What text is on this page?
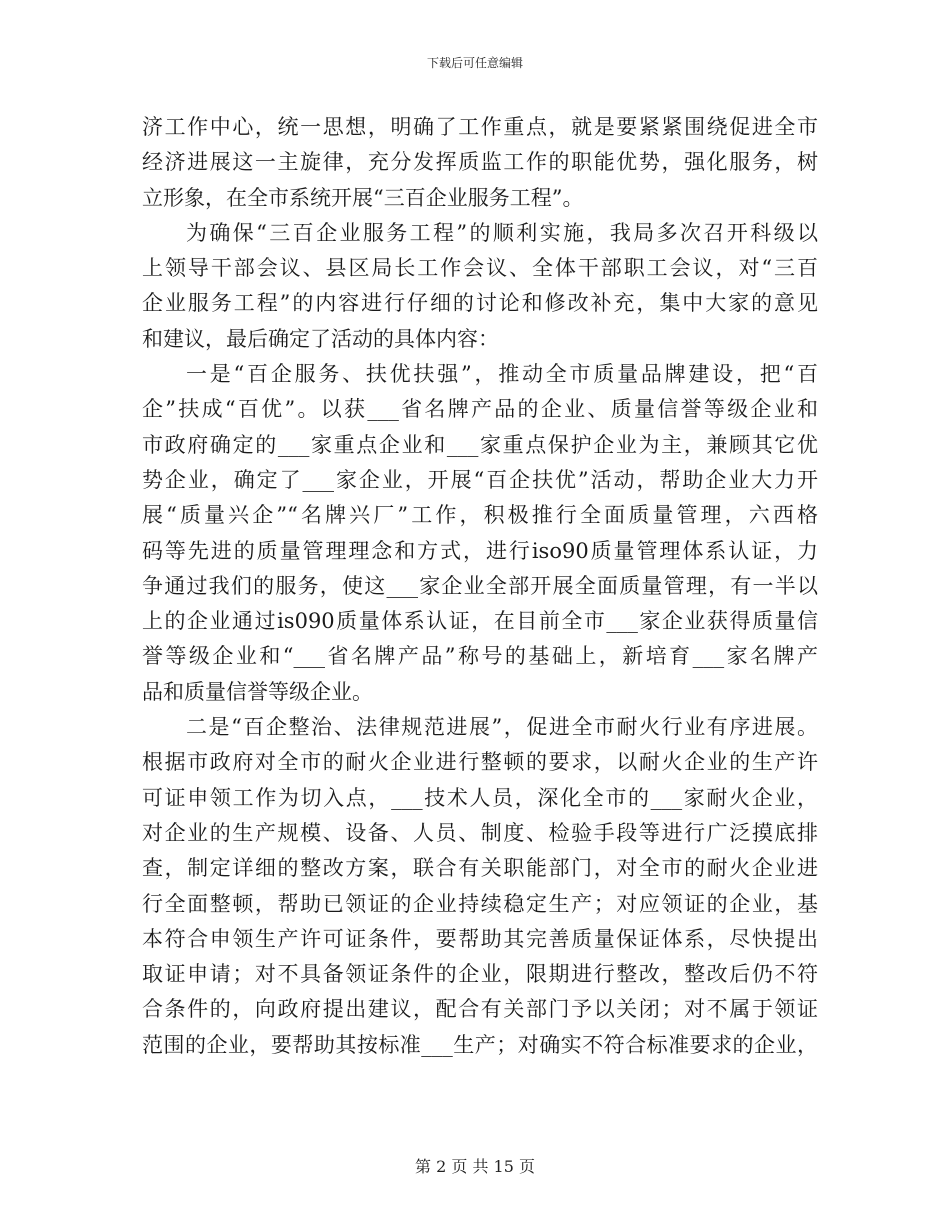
下载后可任意编辑
济工作中心，统一思想，明确了工作重点，就是要紧紧围绕促进全市
经济进展这一主旋律，充分发挥质监工作的职能优势，强化服务，树
立形象，在全市系统开展“三百企业服务工程”。
为确保“三百企业服务工程”的顺利实施，我局多次召开科级以
上领导干部会议、县区局长工作会议、全体干部职工会议，对“三百
企业服务工程”的内容进行仔细的讨论和修改补充，集中大家的意见
和建议，最后确定了活动的具体内容：
一是“百企服务、扶优扶强”，推动全市质量品牌建设，把“百
企”扶成“百优”。以获___省名牌产品的企业、质量信誉等级企业和
市政府确定的___家重点企业和___家重点保护企业为主，兼顾其它优
势企业，确定了___家企业，开展“百企扶优”活动，帮助企业大力开
展“质量兴企”“名牌兴厂”工作，积极推行全面质量管理，六西格
码等先进的质量管理理念和方式，进行iso90质量管理体系认证，力
争通过我们的服务，使这___家企业全部开展全面质量管理，有一半以
上的企业通过is090质量体系认证，在目前全市___家企业获得质量信
誉等级企业和“___省名牌产品”称号的基础上，新培育___家名牌产
品和质量信誉等级企业。
二是“百企整治、法律规范进展”，促进全市耐火行业有序进展。
根据市政府对全市的耐火企业进行整顿的要求，以耐火企业的生产许
可证申领工作为切入点，___技术人员，深化全市的___家耐火企业，
对企业的生产规模、设备、人员、制度、检验手段等进行广泛摸底排
查，制定详细的整改方案，联合有关职能部门，对全市的耐火企业进
行全面整顿，帮助已领证的企业持续稳定生产；对应领证的企业，基
本符合申领生产许可证条件，要帮助其完善质量保证体系，尽快提出
取证申请；对不具备领证条件的企业，限期进行整改，整改后仍不符
合条件的，向政府提出建议，配合有关部门予以关闭；对不属于领证
范围的企业，要帮助其按标准___生产；对确实不符合标准要求的企业，
第 2 页 共 15 页
